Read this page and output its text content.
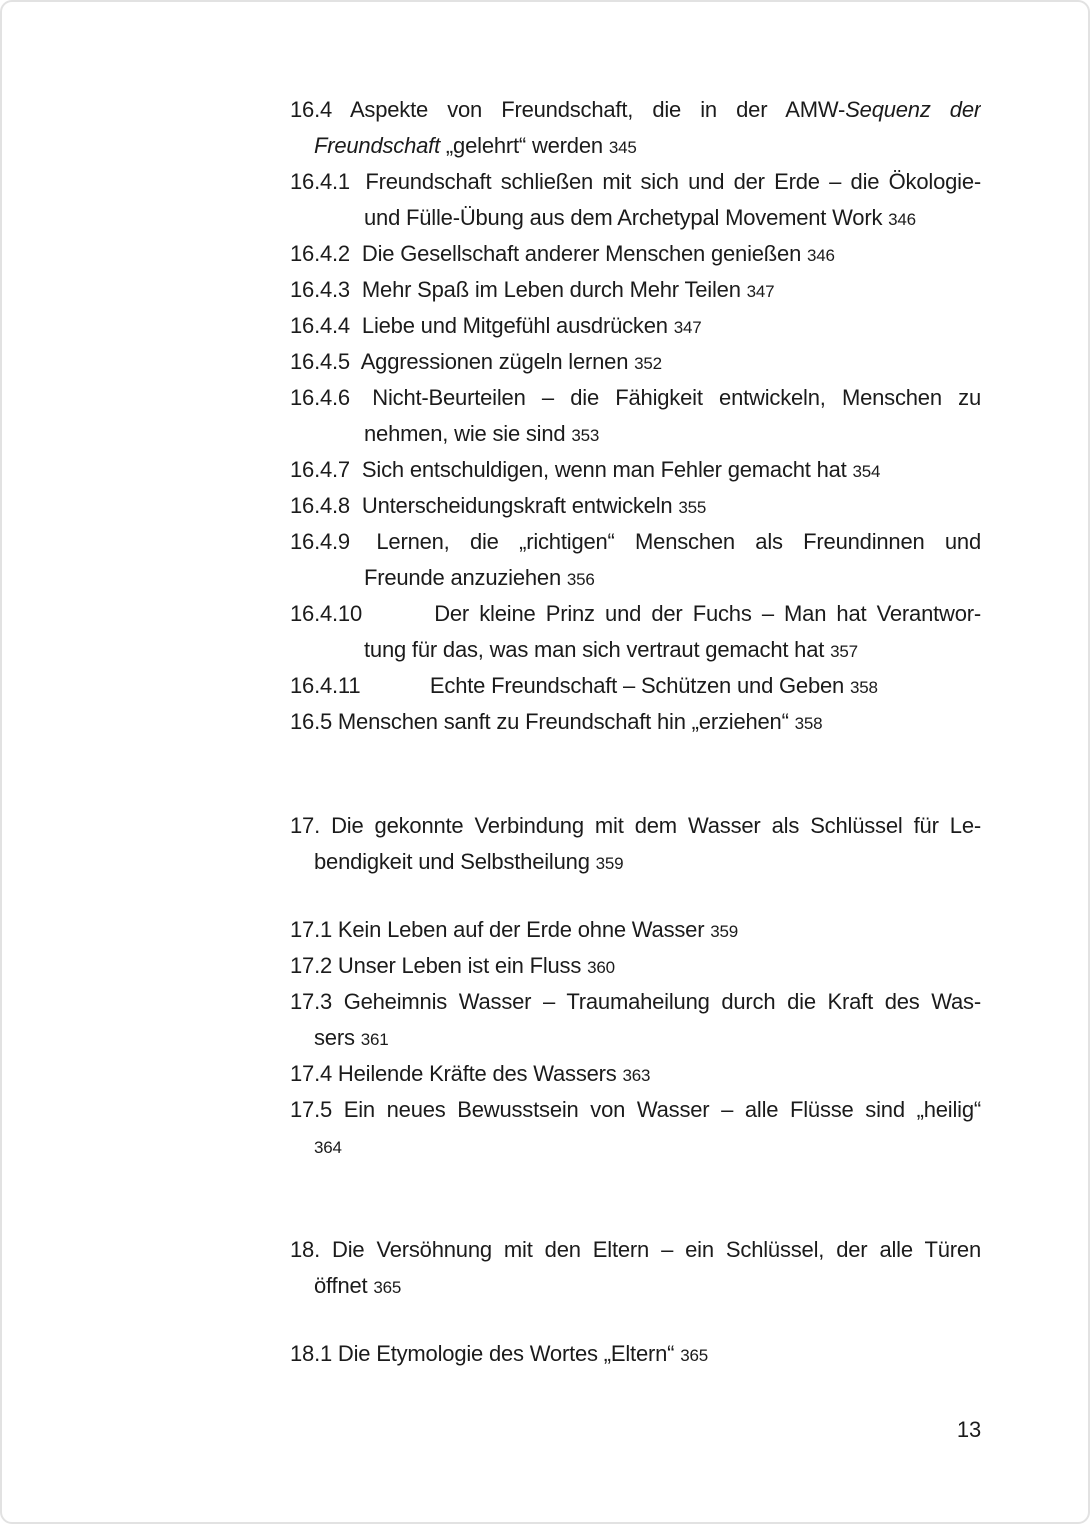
16.4 Aspekte von Freundschaft, die in der AMW-Sequenz der
Freundschaft „gelehrt“ werden 345
16.4.1 Freundschaft schließen mit sich und der Erde – die Ökologie-
und Fülle-Übung aus dem Archetypal Movement Work 346
16.4.2 Die Gesellschaft anderer Menschen genießen 346
16.4.3 Mehr Spaß im Leben durch Mehr Teilen 347
16.4.4 Liebe und Mitgefühl ausdrücken 347
16.4.5 Aggressionen zügeln lernen 352
16.4.6 Nicht-Beurteilen – die Fähigkeit entwickeln, Menschen zu
nehmen, wie sie sind 353
16.4.7 Sich entschuldigen, wenn man Fehler gemacht hat 354
16.4.8 Unterscheidungskraft entwickeln 355
16.4.9 Lernen, die „richtigen“ Menschen als Freundinnen und
Freunde anzuziehen 356
16.4.10	Der kleine Prinz und der Fuchs – Man hat Verantwor-
tung für das, was man sich vertraut gemacht hat 357
16.4.11	Echte Freundschaft – Schützen und Geben 358
16.5 Menschen sanft zu Freundschaft hin „erziehen“ 358
17. Die gekonnte Verbindung mit dem Wasser als Schlüssel für Le-
bendigkeit und Selbstheilung 359
17.1 Kein Leben auf der Erde ohne Wasser 359
17.2 Unser Leben ist ein Fluss 360
17.3 Geheimnis Wasser – Traumaheilung durch die Kraft des Was-
sers 361
17.4 Heilende Kräfte des Wassers 363
17.5 Ein neues Bewusstsein von Wasser – alle Flüsse sind „heilig“
364
18. Die Versöhnung mit den Eltern – ein Schlüssel, der alle Türen
öffnet 365
18.1 Die Etymologie des Wortes „Eltern“ 365
13
